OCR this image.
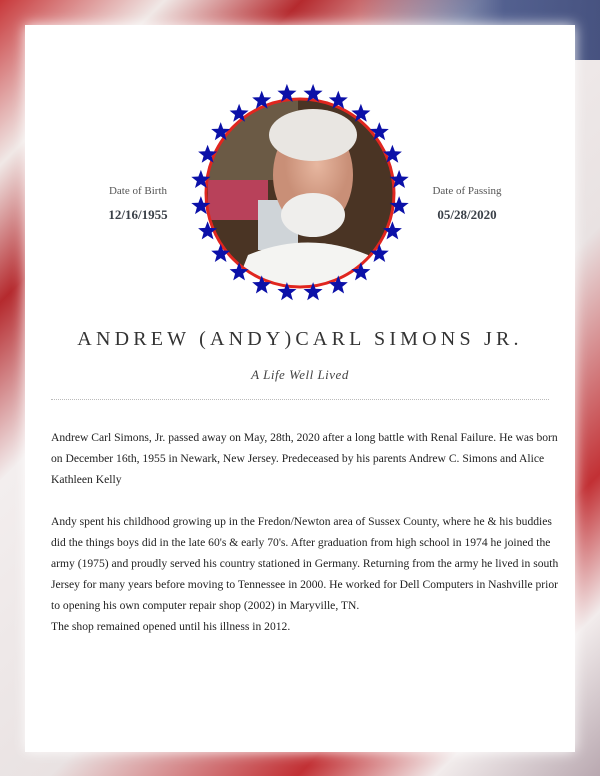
Date of Birth
12/16/1955
Date of Passing
05/28/2020
ANDREW (ANDY)CARL SIMONS JR.
A Life Well Lived

Andrew Carl Simons, Jr. passed away on May, 28th, 2020 after a long battle with Renal Failure. He was born on December 16th, 1955 in Newark, New Jersey. Predeceased by his parents Andrew C. Simons and Alice Kathleen Kelly

Andy spent his childhood growing up in the Fredon/Newton area of Sussex County, where he & his buddies did the things boys did in the late 60's & early 70's. After graduation from high school in 1974 he joined the army (1975) and proudly served his country stationed in Germany. Returning from the army he lived in south Jersey for many years before moving to Tennessee in 2000. He worked for Dell Computers in Nashville prior to opening his own computer repair shop (2002) in Maryville, TN.

The shop remained opened until his illness in 2012.
